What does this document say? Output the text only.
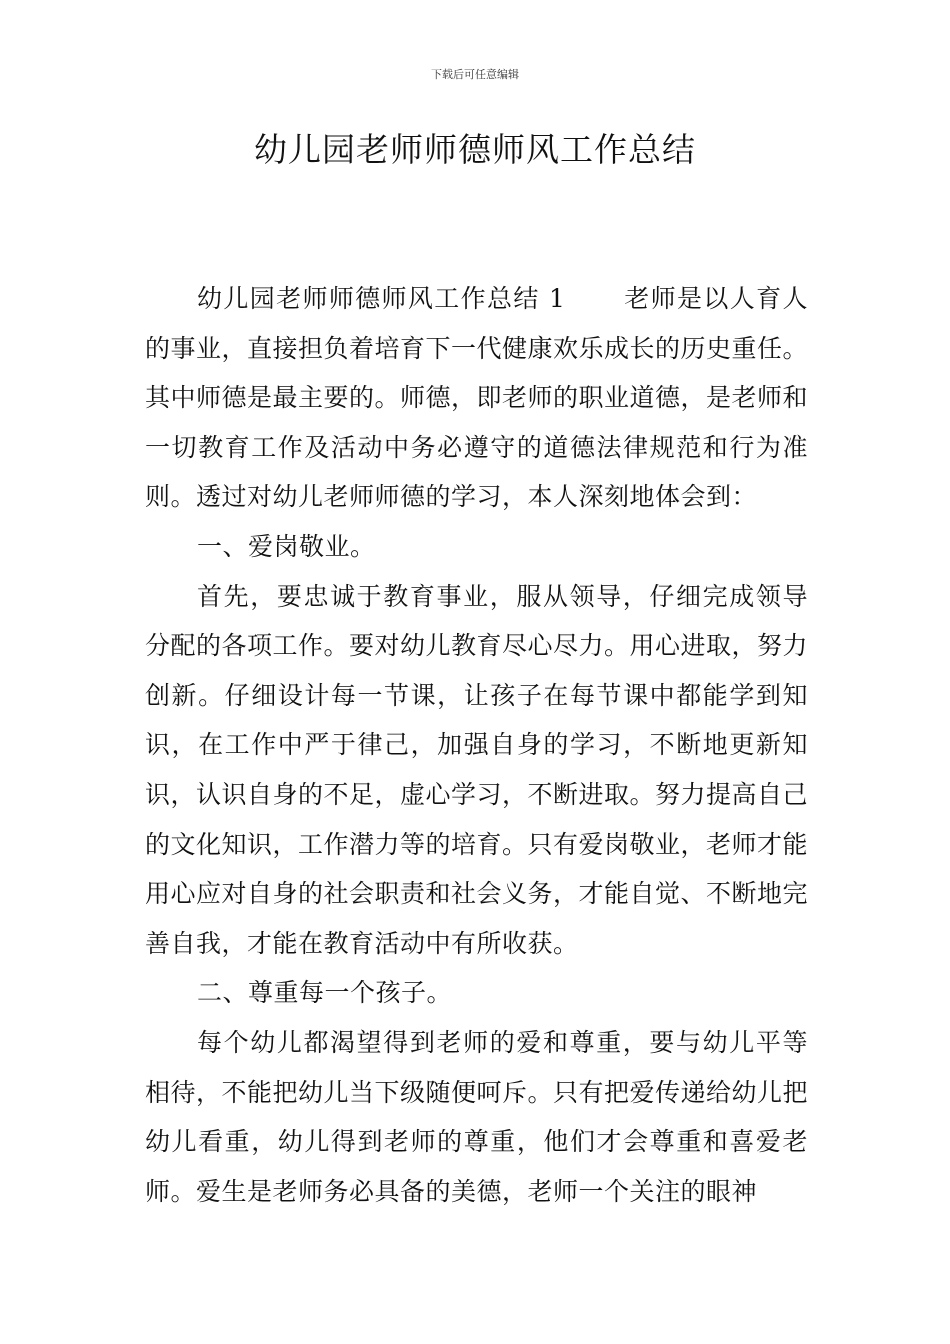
下载后可任意编辑
幼儿园老师师德师风工作总结

幼儿园老师师德师风工作总结 1 老师是以人育人的事业，直接担负着培育下一代健康欢乐成长的历史重任。其中师德是最主要的。师德，即老师的职业道德，是老师和一切教育工作及活动中务必遵守的道德法律规范和行为准则。透过对幼儿老师师德的学习，本人深刻地体会到：

一、爱岗敬业。

首先，要忠诚于教育事业，服从领导，仔细完成领导分配的各项工作。要对幼儿教育尽心尽力。用心进取，努力创新。仔细设计每一节课，让孩子在每节课中都能学到知识，在工作中严于律己，加强自身的学习，不断地更新知识，认识自身的不足，虚心学习，不断进取。努力提高自己的文化知识，工作潜力等的培育。只有爱岗敬业，老师才能用心应对自身的社会职责和社会义务，才能自觉、不断地完善自我，才能在教育活动中有所收获。

二、尊重每一个孩子。

每个幼儿都渴望得到老师的爱和尊重，要与幼儿平等相待，不能把幼儿当下级随便呵斥。只有把爱传递给幼儿把幼儿看重，幼儿得到老师的尊重，他们才会尊重和喜爱老师。爱生是老师务必具备的美德，老师一个关注的眼神
